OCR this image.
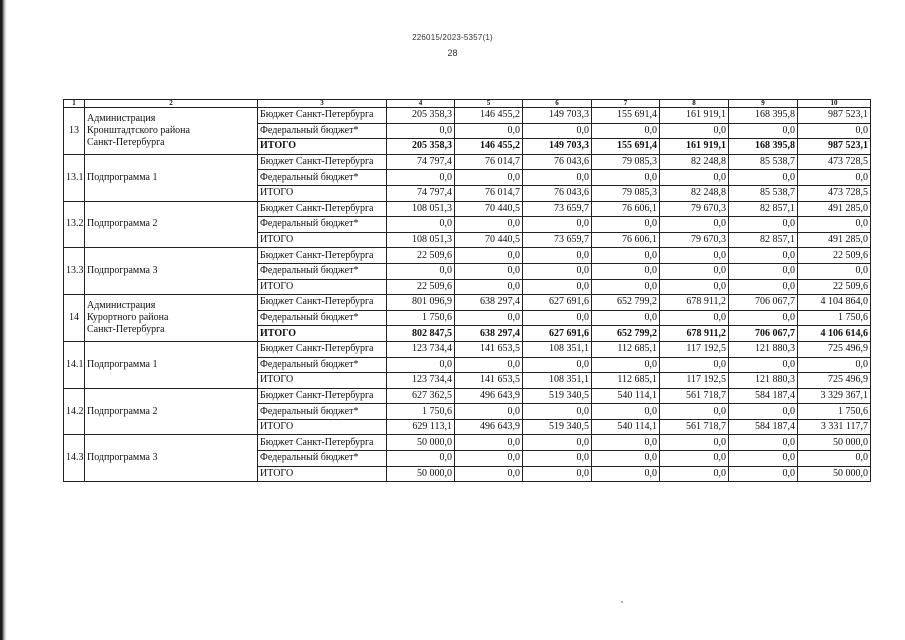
226015/2023-5357(1)
28
1	2	3	4	5	6	7	8	9	10
13	Администрация
Кронштадтского района
Санкт-Петербурга	Бюджет Санкт-Петербурга	205 358,3	146 455,2	149 703,3	155 691,4	161 919,1	168 395,8	987 523,1
		Федеральный бюджет*	0,0	0,0	0,0	0,0	0,0	0,0	0,0
		ИТОГО	205 358,3	146 455,2	149 703,3	155 691,4	161 919,1	168 395,8	987 523,1
13.1	Подпрограмма 1	Бюджет Санкт-Петербурга	74 797,4	76 014,7	76 043,6	79 085,3	82 248,8	85 538,7	473 728,5
		Федеральный бюджет*	0,0	0,0	0,0	0,0	0,0	0,0	0,0
		ИТОГО	74 797,4	76 014,7	76 043,6	79 085,3	82 248,8	85 538,7	473 728,5
13.2	Подпрограмма 2	Бюджет Санкт-Петербурга	108 051,3	70 440,5	73 659,7	76 606,1	79 670,3	82 857,1	491 285,0
		Федеральный бюджет*	0,0	0,0	0,0	0,0	0,0	0,0	0,0
		ИТОГО	108 051,3	70 440,5	73 659,7	76 606,1	79 670,3	82 857,1	491 285,0
13.3	Подпрограмма 3	Бюджет Санкт-Петербурга	22 509,6	0,0	0,0	0,0	0,0	0,0	22 509,6
		Федеральный бюджет*	0,0	0,0	0,0	0,0	0,0	0,0	0,0
		ИТОГО	22 509,6	0,0	0,0	0,0	0,0	0,0	22 509,6
14	Администрация
Курортного района
Санкт-Петербурга	Бюджет Санкт-Петербурга	801 096,9	638 297,4	627 691,6	652 799,2	678 911,2	706 067,7	4 104 864,0
		Федеральный бюджет*	1 750,6	0,0	0,0	0,0	0,0	0,0	1 750,6
		ИТОГО	802 847,5	638 297,4	627 691,6	652 799,2	678 911,2	706 067,7	4 106 614,6
14.1	Подпрограмма 1	Бюджет Санкт-Петербурга	123 734,4	141 653,5	108 351,1	112 685,1	117 192,5	121 880,3	725 496,9
		Федеральный бюджет*	0,0	0,0	0,0	0,0	0,0	0,0	0,0
		ИТОГО	123 734,4	141 653,5	108 351,1	112 685,1	117 192,5	121 880,3	725 496,9
14.2	Подпрограмма 2	Бюджет Санкт-Петербурга	627 362,5	496 643,9	519 340,5	540 114,1	561 718,7	584 187,4	3 329 367,1
		Федеральный бюджет*	1 750,6	0,0	0,0	0,0	0,0	0,0	1 750,6
		ИТОГО	629 113,1	496 643,9	519 340,5	540 114,1	561 718,7	584 187,4	3 331 117,7
14.3	Подпрограмма 3	Бюджет Санкт-Петербурга	50 000,0	0,0	0,0	0,0	0,0	0,0	50 000,0
		Федеральный бюджет*	0,0	0,0	0,0	0,0	0,0	0,0	0,0
		ИТОГО	50 000,0	0,0	0,0	0,0	0,0	0,0	50 000,0
